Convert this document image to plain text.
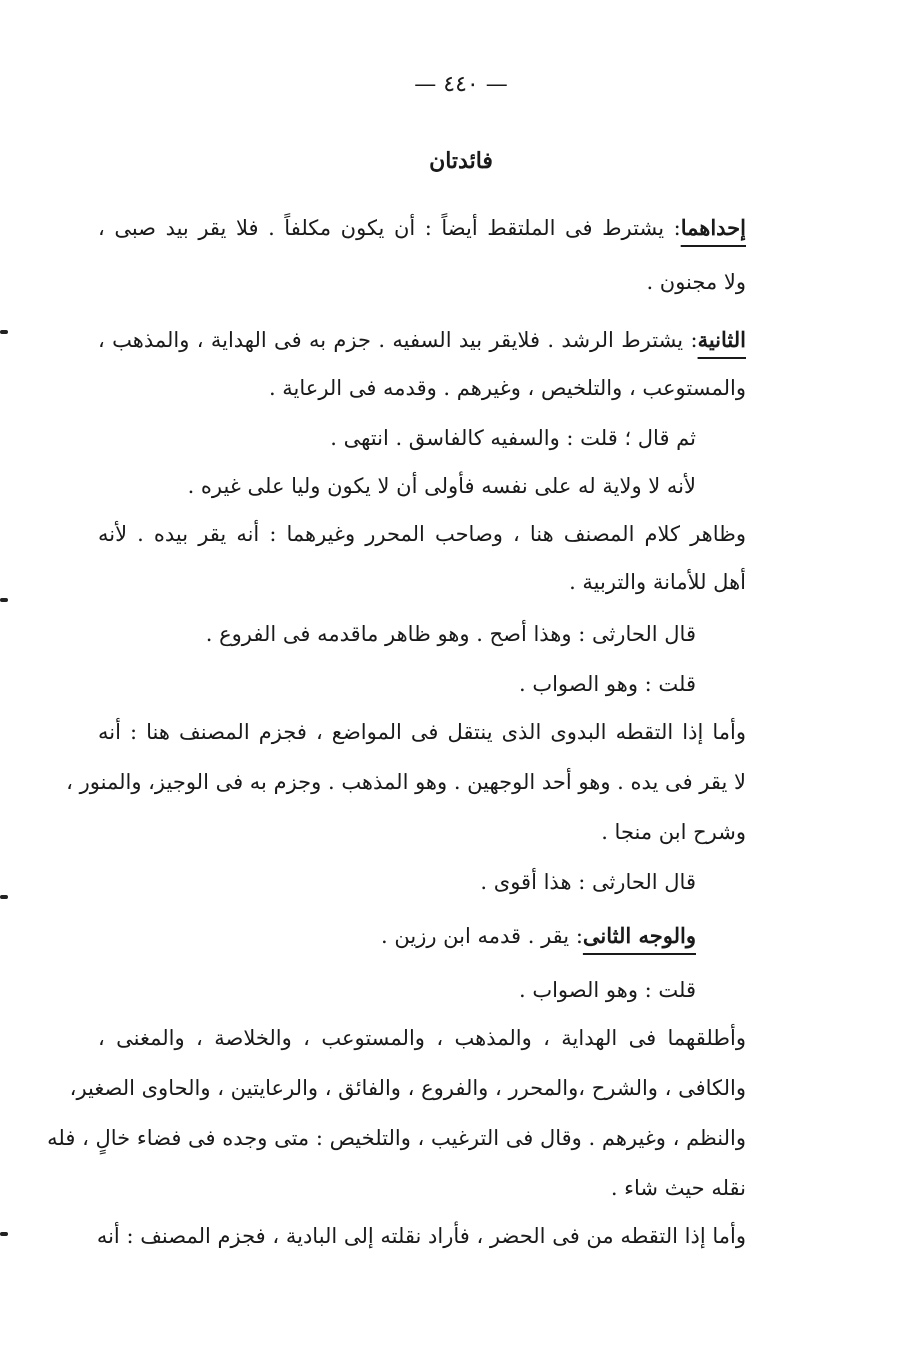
— ٤٤٠ —
فائدتان
إحداهما: يشترط فى الملتقط أيضاً : أن يكون مكلفاً . فلا يقر بيد صبى ،
ولا مجنون .
الثانية: يشترط الرشد . فلايقر بيد السفيه . جزم به فى الهداية ، والمذهب ،
والمستوعب ، والتلخيص ، وغيرهم . وقدمه فى الرعاية .
ثم قال ؛ قلت : والسفيه كالفاسق . انتهى .
لأنه لا ولاية له على نفسه فأولى أن لا يكون وليا على غيره .
وظاهر كلام المصنف هنا ، وصاحب المحرر وغيرهما : أنه يقر بيده . لأنه
أهل للأمانة والتربية .
قال الحارثى : وهذا أصح . وهو ظاهر ماقدمه فى الفروع .
قلت : وهو الصواب .
وأما إذا التقطه البدوى الذى ينتقل فى المواضع ، فجزم المصنف هنا : أنه
لا يقر فى يده . وهو أحد الوجهين . وهو المذهب . وجزم به فى الوجيز، والمنور ،
وشرح ابن منجا .
قال الحارثى : هذا أقوى .
والوجه الثانى: يقر . قدمه ابن رزين .
قلت : وهو الصواب .
وأطلقهما فى الهداية ، والمذهب ، والمستوعب ، والخلاصة ، والمغنى ،
والكافى ، والشرح ،والمحرر ، والفروع ، والفائق ، والرعايتين ، والحاوى الصغير،
والنظم ، وغيرهم . وقال فى الترغيب ، والتلخيص : متى وجده فى فضاء خالٍ ، فله
نقله حيث شاء .
وأما إذا التقطه من فى الحضر ، فأراد نقلته إلى البادية ، فجزم المصنف : أنه
